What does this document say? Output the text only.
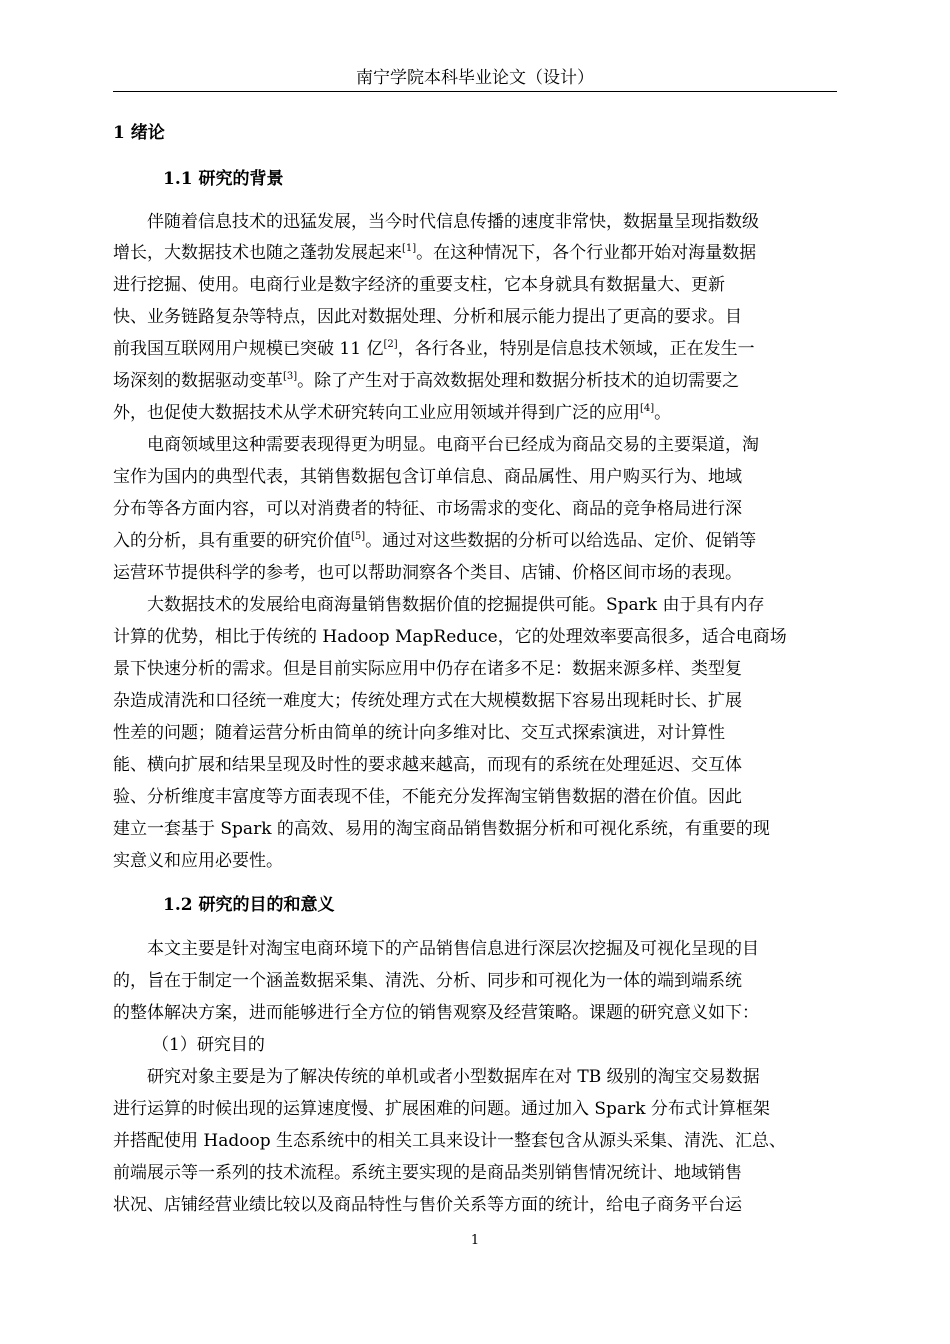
南宁学院本科毕业论文（设计）
1 绪论
1.1 研究的背景
伴随着信息技术的迅猛发展，当今时代信息传播的速度非常快，数据量呈现指数级
增长，大数据技术也随之蓬勃发展起来[1]。在这种情况下，各个行业都开始对海量数据
进行挖掘、使用。电商行业是数字经济的重要支柱，它本身就具有数据量大、更新
快、业务链路复杂等特点，因此对数据处理、分析和展示能力提出了更高的要求。目
前我国互联网用户规模已突破 11 亿[2]，各行各业，特别是信息技术领域，正在发生一
场深刻的数据驱动变革[3]。除了产生对于高效数据处理和数据分析技术的迫切需要之
外，也促使大数据技术从学术研究转向工业应用领域并得到广泛的应用[4]。
电商领域里这种需要表现得更为明显。电商平台已经成为商品交易的主要渠道，淘
宝作为国内的典型代表，其销售数据包含订单信息、商品属性、用户购买行为、地域
分布等各方面内容，可以对消费者的特征、市场需求的变化、商品的竞争格局进行深
入的分析，具有重要的研究价值[5]。通过对这些数据的分析可以给选品、定价、促销等
运营环节提供科学的参考，也可以帮助洞察各个类目、店铺、价格区间市场的表现。
大数据技术的发展给电商海量销售数据价值的挖掘提供可能。Spark 由于具有内存
计算的优势，相比于传统的 Hadoop MapReduce，它的处理效率要高很多，适合电商场
景下快速分析的需求。但是目前实际应用中仍存在诸多不足：数据来源多样、类型复
杂造成清洗和口径统一难度大；传统处理方式在大规模数据下容易出现耗时长、扩展
性差的问题；随着运营分析由简单的统计向多维对比、交互式探索演进，对计算性
能、横向扩展和结果呈现及时性的要求越来越高，而现有的系统在处理延迟、交互体
验、分析维度丰富度等方面表现不佳，不能充分发挥淘宝销售数据的潜在价值。因此
建立一套基于 Spark 的高效、易用的淘宝商品销售数据分析和可视化系统，有重要的现
实意义和应用必要性。
1.2 研究的目的和意义
本文主要是针对淘宝电商环境下的产品销售信息进行深层次挖掘及可视化呈现的目
的，旨在于制定一个涵盖数据采集、清洗、分析、同步和可视化为一体的端到端系统
的整体解决方案，进而能够进行全方位的销售观察及经营策略。课题的研究意义如下：
（1）研究目的
研究对象主要是为了解决传统的单机或者小型数据库在对 TB 级别的淘宝交易数据
进行运算的时候出现的运算速度慢、扩展困难的问题。通过加入 Spark 分布式计算框架
并搭配使用 Hadoop 生态系统中的相关工具来设计一整套包含从源头采集、清洗、汇总、
前端展示等一系列的技术流程。系统主要实现的是商品类别销售情况统计、地域销售
状况、店铺经营业绩比较以及商品特性与售价关系等方面的统计，给电子商务平台运
1
